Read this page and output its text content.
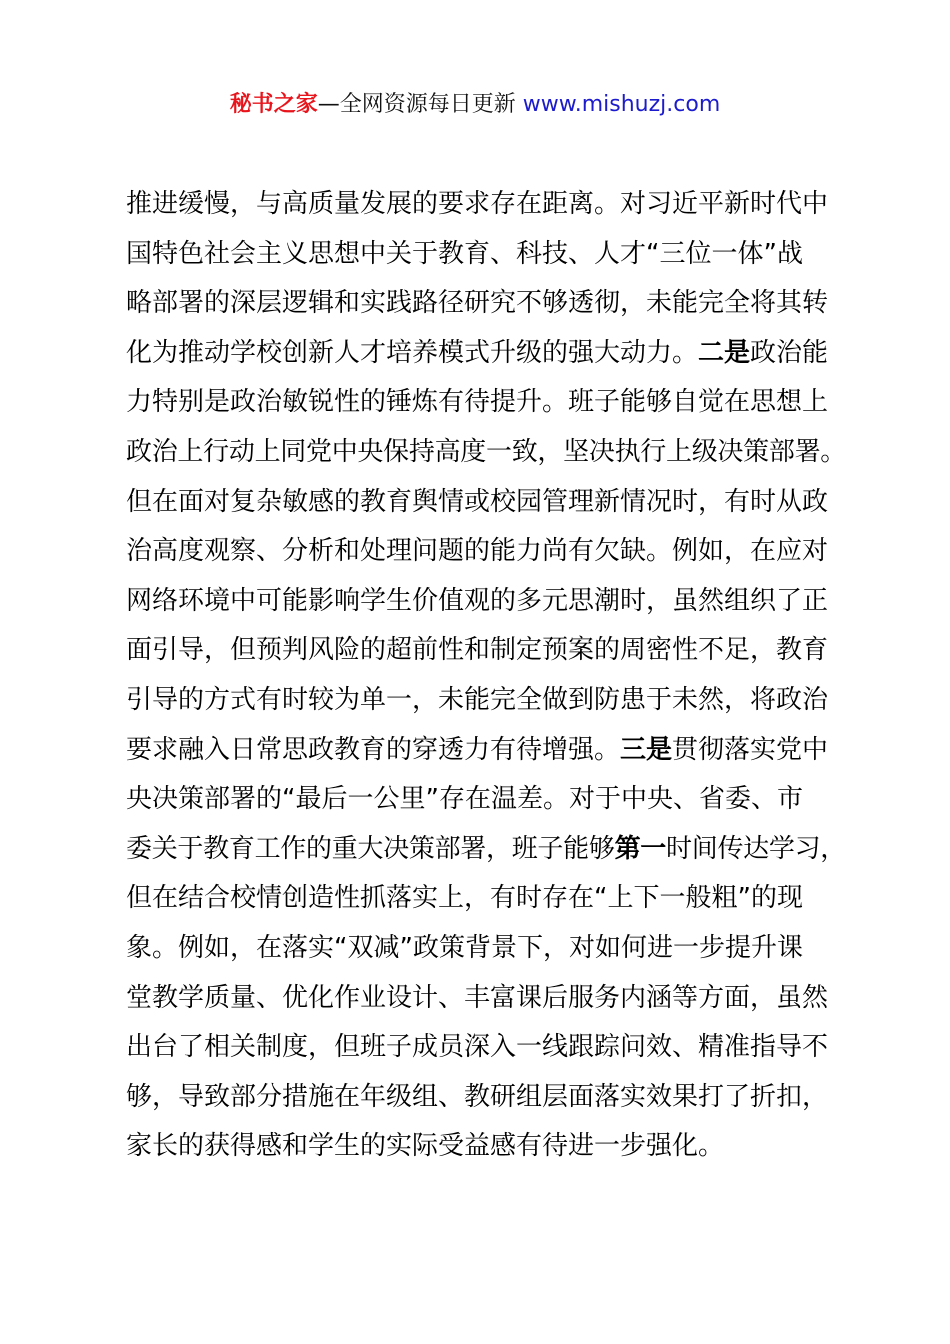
秘书之家—全网资源每日更新 www.mishuzj.com
推进缓慢，与高质量发展的要求存在距离。对习近平新时代中
国特色社会主义思想中关于教育、科技、人才“三位一体”战
略部署的深层逻辑和实践路径研究不够透彻，未能完全将其转
化为推动学校创新人才培养模式升级的强大动力。二是政治能
力特别是政治敏锐性的锤炼有待提升。班子能够自觉在思想上
政治上行动上同党中央保持高度一致，坚决执行上级决策部署。
但在面对复杂敏感的教育舆情或校园管理新情况时，有时从政
治高度观察、分析和处理问题的能力尚有欠缺。例如，在应对
网络环境中可能影响学生价值观的多元思潮时，虽然组织了正
面引导，但预判风险的超前性和制定预案的周密性不足，教育
引导的方式有时较为单一，未能完全做到防患于未然，将政治
要求融入日常思政教育的穿透力有待增强。三是贯彻落实党中
央决策部署的“最后一公里”存在温差。对于中央、省委、市
委关于教育工作的重大决策部署，班子能够第一时间传达学习，
但在结合校情创造性抓落实上，有时存在“上下一般粗”的现
象。例如，在落实“双减”政策背景下，对如何进一步提升课
堂教学质量、优化作业设计、丰富课后服务内涵等方面，虽然
出台了相关制度，但班子成员深入一线跟踪问效、精准指导不
够，导致部分措施在年级组、教研组层面落实效果打了折扣，
家长的获得感和学生的实际受益感有待进一步强化。
